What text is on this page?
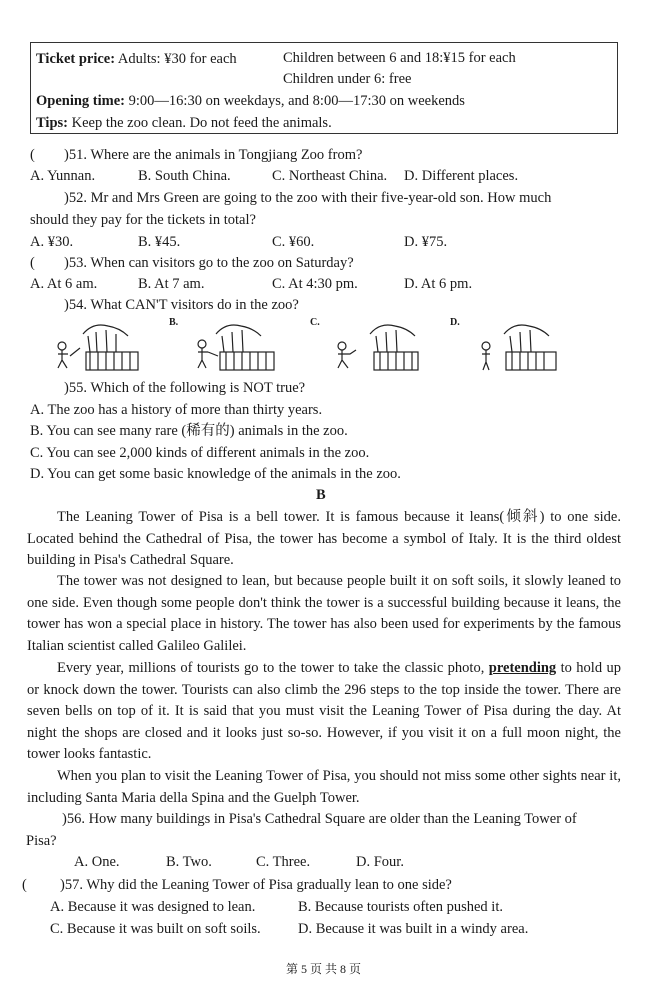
Ticket price: Adults: ¥30 for each	Children between 6 and 18:¥15 for each
Children under 6: free
Opening time: 9:00—16:30 on weekdays, and 8:00—17:30 on weekends
Tips: Keep the zoo clean. Do not feed the animals.
( )51. Where are the animals in Tongjiang Zoo from?
A. Yunnan.	B. South China.	C. Northeast China. D. Different places.
)52. Mr and Mrs Green are going to the zoo with their five-year-old son. How much
should they pay for the tickets in total?
A. ¥30.	B. ¥45.	C. ¥60.	D. ¥75.
( )53. When can visitors go to the zoo on Saturday?
A. At 6 am.	B. At 7 am.	C. At 4:30 pm.	D. At 6 pm.
)54. What CAN'T visitors do in the zoo?
B.	C.	D.
)55. Which of the following is NOT true?
A. The zoo has a history of more than thirty years.
B. You can see many rare (稀有的) animals in the zoo.
C. You can see 2,000 kinds of different animals in the zoo.
D. You can get some basic knowledge of the animals in the zoo.
B
The Leaning Tower of Pisa is a bell tower. It is famous because it leans(倾斜) to one side. Located behind the Cathedral of Pisa, the tower has become a symbol of Italy. It is the third oldest building in Pisa's Cathedral Square.
The tower was not designed to lean, but because people built it on soft soils, it slowly leaned to one side. Even though some people don't think the tower is a successful building because it leans, the tower has won a special place in history. The tower has also been used for experiments by the famous Italian scientist called Galileo Galilei.
Every year, millions of tourists go to the tower to take the classic photo, pretending to hold up or knock down the tower. Tourists can also climb the 296 steps to the top inside the tower. There are seven bells on top of it. It is said that you must visit the Leaning Tower of Pisa during the day. At night the shops are closed and it looks just so-so. However, if you visit it on a full moon night, the tower looks fantastic.
When you plan to visit the Leaning Tower of Pisa, you should not miss some other sights near it, including Santa Maria della Spina and the Guelph Tower.
)56. How many buildings in Pisa's Cathedral Square are older than the Leaning Tower of
Pisa?
A. One.	B. Two.	C. Three.	D. Four.
( )57. Why did the Leaning Tower of Pisa gradually lean to one side?
A. Because it was designed to lean.	B. Because tourists often pushed it.
C. Because it was built on soft soils.	D. Because it was built in a windy area.
第 5 页 共 8 页
